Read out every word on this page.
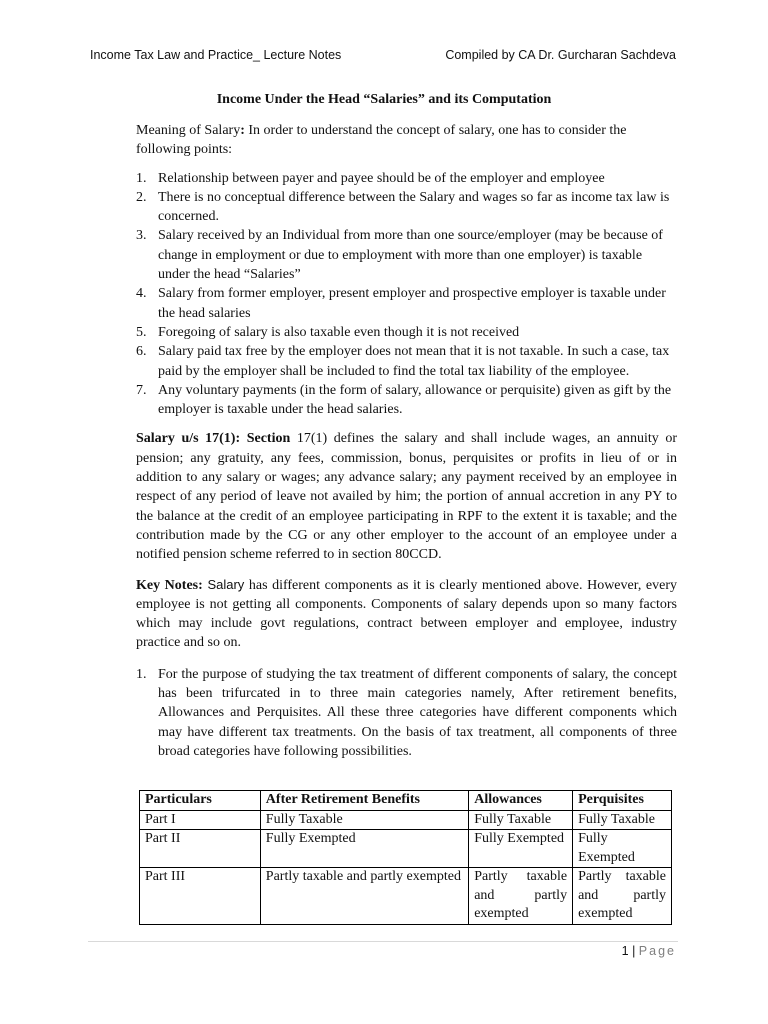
Income Tax Law and Practice_ Lecture Notes	Compiled by CA Dr. Gurcharan Sachdeva
Income Under the Head “Salaries” and its Computation

Meaning of Salary: In order to understand the concept of salary, one has to consider the following points:

1. Relationship between payer and payee should be of the employer and employee
2. There is no conceptual difference between the Salary and wages so far as income tax law is concerned.
3. Salary received by an Individual from more than one source/employer (may be because of change in employment or due to employment with more than one employer) is taxable under the head “Salaries”
4. Salary from former employer, present employer and prospective employer is taxable under the head salaries
5. Foregoing of salary is also taxable even though it is not received
6. Salary paid tax free by the employer does not mean that it is not taxable. In such a case, tax paid by the employer shall be included to find the total tax liability of the employee.
7. Any voluntary payments (in the form of salary, allowance or perquisite) given as gift by the employer is taxable under the head salaries.

Salary u/s 17(1): Section 17(1) defines the salary and shall include wages, an annuity or pension; any gratuity, any fees, commission, bonus, perquisites or profits in lieu of or in addition to any salary or wages; any advance salary; any payment received by an employee in respect of any period of leave not availed by him; the portion of annual accretion in any PY to the balance at the credit of an employee participating in RPF to the extent it is taxable; and the contribution made by the CG or any other employer to the account of an employee under a notified pension scheme referred to in section 80CCD.

Key Notes: Salary has different components as it is clearly mentioned above. However, every employee is not getting all components. Components of salary depends upon so many factors which may include govt regulations, contract between employer and employee, industry practice and so on.

1. For the purpose of studying the tax treatment of different components of salary, the concept has been trifurcated in to three main categories namely, After retirement benefits, Allowances and Perquisites. All these three categories have different components which may have different tax treatments. On the basis of tax treatment, all components of three broad categories have following possibilities.
Particulars	After Retirement Benefits	Allowances	Perquisites
Part I	Fully Taxable	Fully Taxable	Fully Taxable
Part II	Fully Exempted	Fully Exempted	Fully Exempted
Part III	Partly taxable and partly exempted	Partly taxable and partly exempted	Partly taxable and partly exempted
1 | Page
